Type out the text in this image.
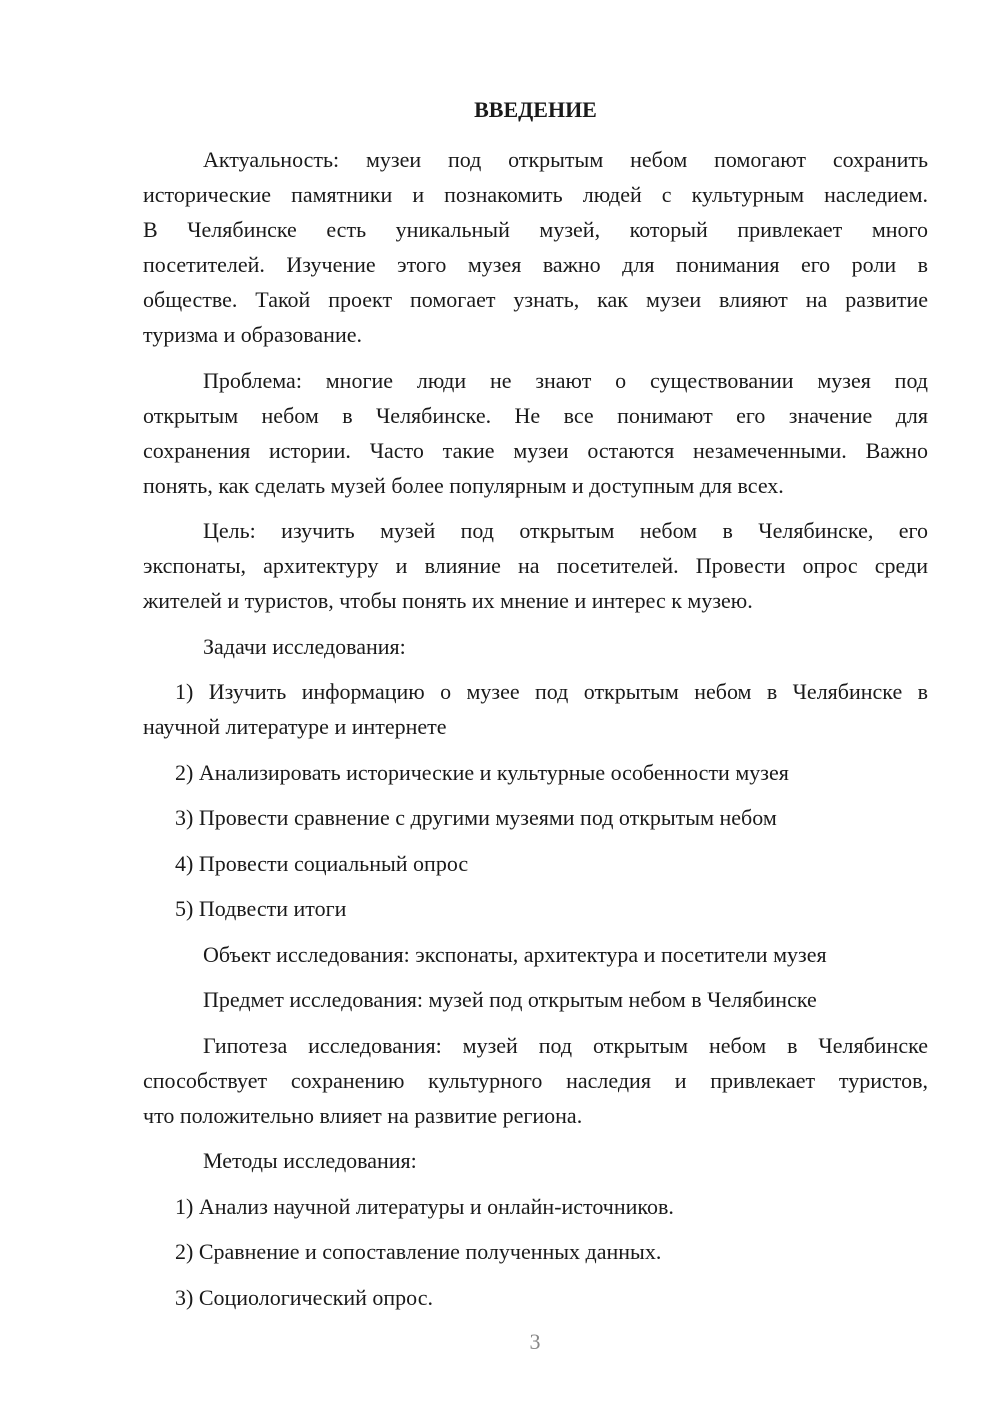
ВВЕДЕНИЕ
Актуальность: музеи под открытым небом помогают сохранить
исторические памятники и познакомить людей с культурным наследием.
В Челябинске есть уникальный музей, который привлекает много
посетителей. Изучение этого музея важно для понимания его роли в
обществе. Такой проект помогает узнать, как музеи влияют на развитие
туризма и образование.
Проблема: многие люди не знают о существовании музея под
открытым небом в Челябинске. Не все понимают его значение для
сохранения истории. Часто такие музеи остаются незамеченными. Важно
понять, как сделать музей более популярным и доступным для всех.
Цель: изучить музей под открытым небом в Челябинске, его
экспонаты, архитектуру и влияние на посетителей. Провести опрос среди
жителей и туристов, чтобы понять их мнение и интерес к музею.
Задачи исследования:
1) Изучить информацию о музее под открытым небом в Челябинске в
научной литературе и интернете
2) Анализировать исторические и культурные особенности музея
3) Провести сравнение с другими музеями под открытым небом
4) Провести социальный опрос
5) Подвести итоги
Объект исследования: экспонаты, архитектура и посетители музея
Предмет исследования: музей под открытым небом в Челябинске
Гипотеза исследования: музей под открытым небом в Челябинске
способствует сохранению культурного наследия и привлекает туристов,
что положительно влияет на развитие региона.
Методы исследования:
1) Анализ научной литературы и онлайн-источников.
2) Сравнение и сопоставление полученных данных.
3) Социологический опрос.
3
